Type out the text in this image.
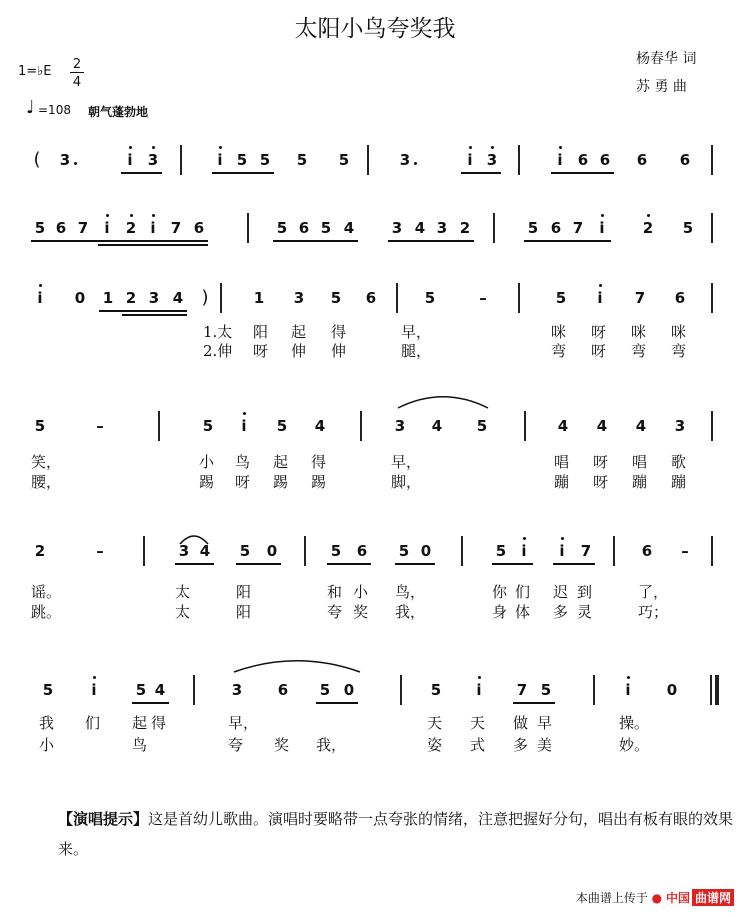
太阳小鸟夸奖我
杨春华 词
苏 勇 曲
1=♭E 2
4
♩ =108 朝气蓬勃地
(	3	i	3	i 5 5 5 5	3	i 3	i	6 6 6 6
5 6 7	i	2 i	7 6	5 6 5 4	3 4 3 2	5 6 7	i	2 5
i	0 1 2 3 4	)	1 3 5 6	5	–	5	i	7 6
1.太 阳 起 得	早，	咪 呀 咪 咪
2.伸 呀 伸 伸	腿，	弯 呀 弯 弯
5	–	5	i	5 4	3 4 5	4 4 4 3
笑，	小 鸟 起 得	早，	唱 呀 唱 歌
腰，	踢 呀 踢 踢	脚，	蹦 呀 蹦 蹦
2	–	3 4 5 0	5 6 5 0	5	i	i	7	6	–
谣。	太	阳	和 小 鸟，	你 们 迟 到	了，
跳。	太	阳	夸 奖 我，	身 体 多 灵	巧；
5	i	5 4	3 6 5 0	5	i	7 5	i	0
我 们 起 得	早，	天 天 做 早	操。
小	鸟	夸 奖 我，	姿 式 多 美	妙。
【演唱提示】这是首幼儿歌曲。演唱时要略带一点夸张的情绪，注意把握好分句，唱出有板有眼的效果来。
本曲谱上传于 ● 中国 曲谱网
